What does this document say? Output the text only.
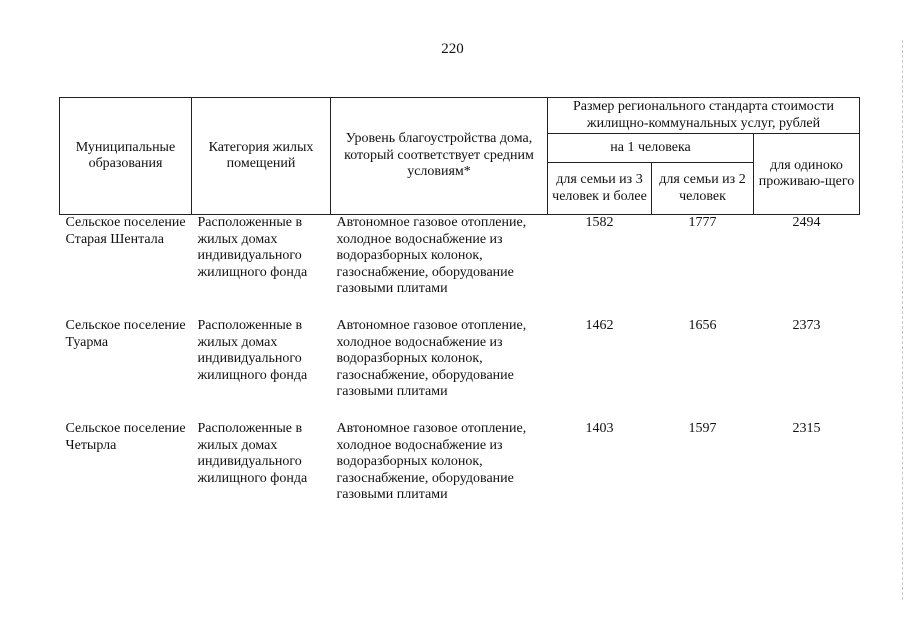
220
Муниципальные образования	Категория жилых помещений	Уровень благоустройства дома, который соответствует средним условиям*	Размер регионального стандарта стоимости жилищно-коммунальных услуг, рублей		
			на 1 человека		для одиноко проживаю-щего
			для семьи из 3 человек и более	для семьи из 2 человек	
Сельское поселение Старая Шентала	Расположенные в жилых домах индивидуального жилищного фонда	Автономное газовое отопление, холодное водоснабжение из водоразборных колонок, газоснабжение, оборудование газовыми плитами	1582	1777	2494
Сельское поселение Туарма	Расположенные в жилых домах индивидуального жилищного фонда	Автономное газовое отопление, холодное водоснабжение из водоразборных колонок, газоснабжение, оборудование газовыми плитами	1462	1656	2373
Сельское поселение Четырла	Расположенные в жилых домах индивидуального жилищного фонда	Автономное газовое отопление, холодное водоснабжение из водоразборных колонок, газоснабжение, оборудование газовыми плитами	1403	1597	2315
